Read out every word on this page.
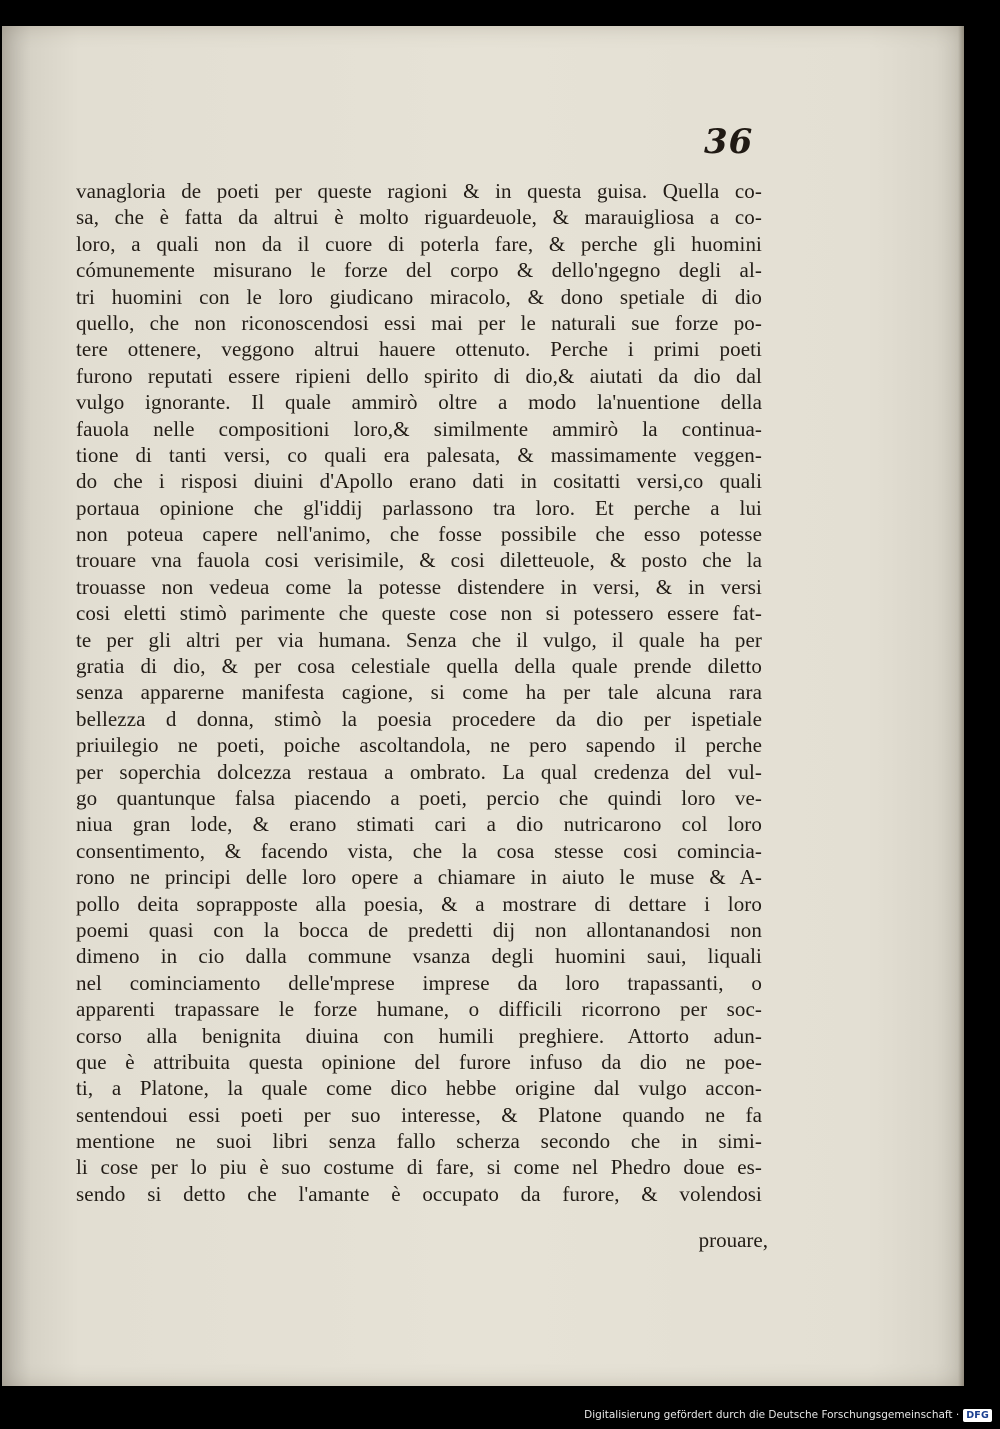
36
vanagloria de poeti per queste ragioni & in questa guisa. Quella co-
sa, che è fatta da altrui è molto riguardeuole, & marauigliosa a co-
loro, a quali non da il cuore di poterla fare, & perche gli huomini
cómunemente misurano le forze del corpo & dello'ngegno degli al-
tri huomini con le loro giudicano miracolo, & dono spetiale di dio
quello, che non riconoscendosi essi mai per le naturali sue forze po-
tere ottenere, veggono altrui hauere ottenuto. Perche i primi poeti
furono reputati essere ripieni dello spirito di dio,& aiutati da dio dal
vulgo ignorante. Il quale ammirò oltre a modo la'nuentione della
fauola nelle compositioni loro,& similmente ammirò la continua-
tione di tanti versi, co quali era palesata, & massimamente veggen-
do che i risposi diuini d'Apollo erano dati in cositatti versi,co quali
portaua opinione che gl'iddij parlassono tra loro. Et perche a lui
non poteua capere nell'animo, che fosse possibile che esso potesse
trouare vna fauola cosi verisimile, & cosi dilettеuole, & posto che la
trouasse non vedeua come la potesse distendere in versi, & in versi
cosi eletti stimò parimente che queste cose non si potessero essere fat-
te per gli altri per via humana. Senza che il vulgo, il quale ha per
gratia di dio, & per cosa celestiale quella della quale prende diletto
senza apparerne manifesta cagione, si come ha per tale alcuna rara
bellezza d donna, stimò la poesia procedere da dio per ispetiale
priuilegio ne poeti, poiche ascoltandola, ne pero sapendo il perche
per soperchia dolcezza restaua a ombrato. La qual credenza del vul-
go quantunque falsa piacendo a poeti, percio che quindi loro ve-
niua gran lode, & erano stimati cari a dio nutricarono col loro
consentimento, & facendo vista, che la cosa stesse cosi comincia-
rono ne principi delle loro opere a chiamare in aiuto le muse & A-
pollo deita soprapposte alla poesia, & a mostrare di dettare i loro
poemi quasi con la bocca de predetti dij non allontanandosi non
dimeno in cio dalla commune vsanza degli huomini saui, liquali
nel cominciamento delle'mprese imprese da loro trapassanti, o
apparenti trapassare le forze humane, o difficili ricorrono per soc-
corso alla benignita diuina con humili preghiere. Attorto adun-
que è attribuita questa opinione del furore infuso da dio ne poe-
ti, a Platone, la quale come dico hebbe origine dal vulgo accon-
sentendoui essi poeti per suo interesse, & Platone quando ne fa
mentione ne suoi libri senza fallo scherza secondo che in simi-
li cose per lo piu è suo costume di fare, si come nel Phedro doue es-
sendo si detto che l'amante è occupato da furore, & volendosi
prouare,
Digitalisierung gefördert durch die Deutsche Forschungsgemeinschaft · DFG
